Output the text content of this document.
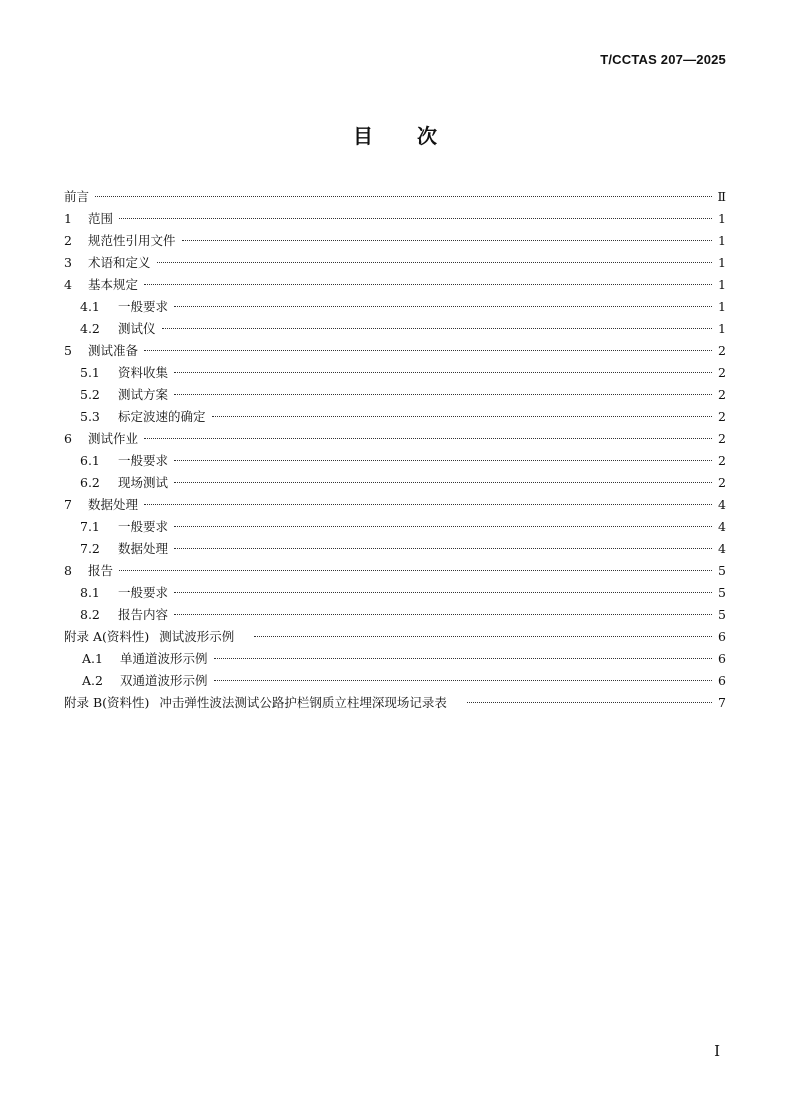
T/CCTAS 207—2025
目次
前言	Ⅱ
1	范围	1
2	规范性引用文件	1
3	术语和定义	1
4	基本规定	1
4.1	一般要求	1
4.2	测试仪	1
5	测试准备	2
5.1	资料收集	2
5.2	测试方案	2
5.3	标定波速的确定	2
6	测试作业	2
6.1	一般要求	2
6.2	现场测试	2
7	数据处理	4
7.1	一般要求	4
7.2	数据处理	4
8	报告	5
8.1	一般要求	5
8.2	报告内容	5
附录 A(资料性) 测试波形示例	6
A.1	单通道波形示例	6
A.2	双通道波形示例	6
附录 B(资料性) 冲击弹性波法测试公路护栏钢质立柱埋深现场记录表	7
I
